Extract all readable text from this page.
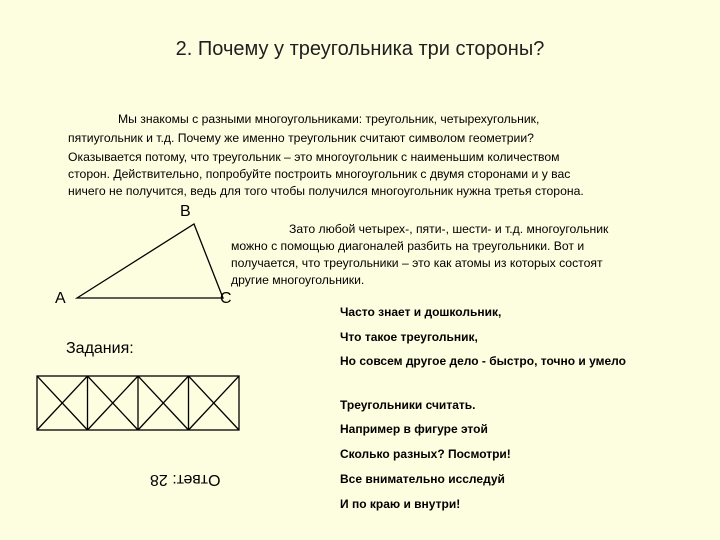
2. Почему у треугольника три стороны?

Мы знакомы с разными многоугольниками: треугольник, четырехугольник,

пятиугольник и т.д. Почему же именно треугольник считают символом геометрии?

Оказывается потому, что треугольник – это многоугольник с наименьшим количеством

сторон. Действительно, попробуйте построить многоугольник с двумя сторонами и у вас

ничего не получится, ведь для того чтобы получился многоугольник нужна третья сторона.

Зато любой четырех-, пяти-, шести- и т.д. многоугольник
можно с помощью диагоналей разбить на треугольники. Вот и
получается, что треугольники – это как атомы из которых состоят
другие многоугольники.
В
А	С
Задания:
Ответ: 28
Часто знает и дошкольник,
Что такое треугольник,
Но совсем другое дело - быстро, точно и умело
Треугольники считать.
Например в фигуре этой
Сколько разных? Посмотри!
Все внимательно исследуй
И по краю и внутри!
